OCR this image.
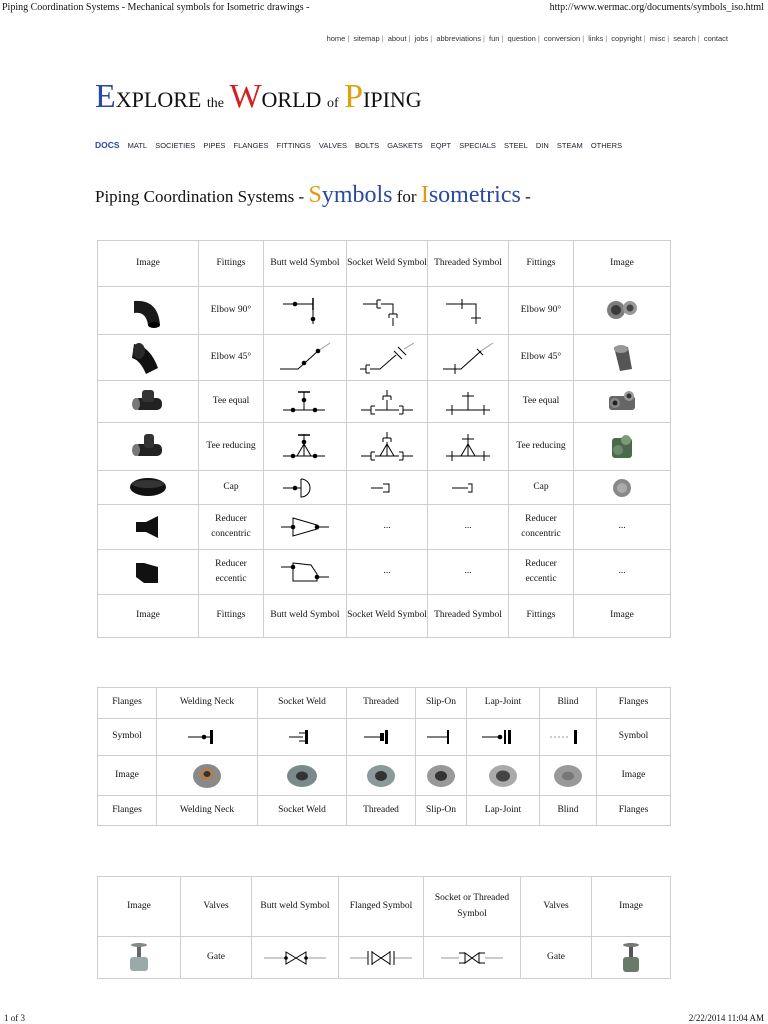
Piping Coordination Systems - Mechanical symbols for Isometric drawings -	http://www.wermac.org/documents/symbols_iso.html
home | sitemap | about | jobs | abbreviations | fun | question | conversion | links | copyright | misc | search | contact
EXPLORE the WORLD of PIPING
DOCS MATL SOCIETIES PIPES FLANGES FITTINGS VALVES BOLTS GASKETS EQPT SPECIALS STEEL DIN STEAM OTHERS
Piping Coordination Systems - Symbols for Isometrics -
Image	Fittings	Butt weld Symbol	Socket Weld Symbol	Threaded Symbol	Fittings	Image

	Elbow 90°				Elbow 90°	

	Elbow 45°				Elbow 45°	

	Tee equal				Tee equal	

	Tee reducing				Tee reducing	

	Cap				Cap	

	Reducer concentric		...	...	Reducer concentric	...

	Reducer eccentic		...	...	Reducer eccentic	...
Image	Fittings	Butt weld Symbol	Socket Weld Symbol	Threaded Symbol	Fittings	Image
Flanges	Welding Neck	Socket Weld	Threaded	Slip-On	Lap-Joint	Blind	Flanges
Symbol							Symbol
Image							Image
Flanges	Welding Neck	Socket Weld	Threaded	Slip-On	Lap-Joint	Blind	Flanges
Image	Valves	Butt weld Symbol	Flanged Symbol	Socket or Threaded Symbol	Valves	Image

	Gate				Gate	
1 of 3	2/22/2014 11:04 AM
